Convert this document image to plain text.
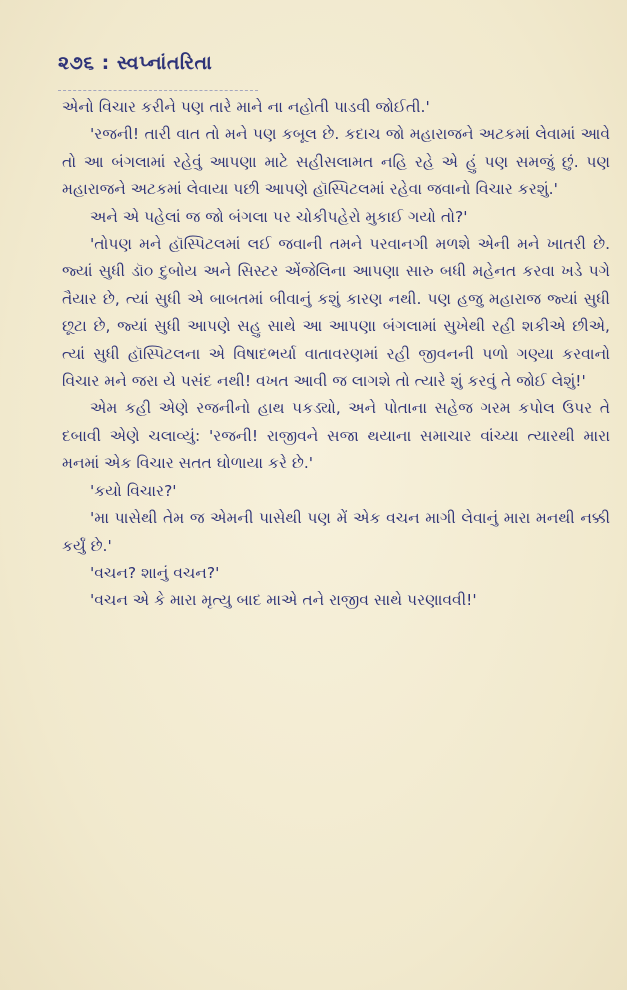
૨૭૬ : સ્વપ્નાંતરિતા

એનો વિચાર કરીને પણ તારે માને ના નહોતી પાડવી જોઈતી.'

'રજની! તારી વાત તો મને પણ કબૂલ છે. કદાચ જો મહારાજને અટકમાં લેવામાં આવે તો આ બંગલામાં રહેવું આપણા માટે સહીસલામત નહિ રહે એ હું પણ સમજું છું. પણ મહારાજને અટકમાં લેવાયા પછી આપણે હૉસ્પિટલમાં રહેવા જવાનો વિચાર કરશું.'

અને એ પહેલાં જ જો બંગલા પર ચોકીપહેરો મુકાઈ ગયો તો?'

'તોપણ મને હૉસ્પિટલમાં લઈ જવાની તમને પરવાનગી મળશે એની મને ખાતરી છે. જ્યાં સુધી ડૉ૦ દુબોય અને સિસ્ટર એંજેલિના આપણા સારુ બધી મહેનત કરવા ખડે પગે તૈયાર છે, ત્યાં સુધી એ બાબતમાં બીવાનું કશું કારણ નથી. પણ હજુ મહારાજ જ્યાં સુધી છૂટા છે, જ્યાં સુધી આપણે સહુ સાથે આ આપણા બંગલામાં સુખેથી રહી શકીએ છીએ, ત્યાં સુધી હૉસ્પિટલના એ વિષાદભર્યા વાતાવરણમાં રહી જીવનની પળો ગણ્યા કરવાનો વિચાર મને જરા યે પસંદ નથી! વખત આવી જ લાગશે તો ત્યારે શું કરવું તે જોઈ લેશું!'

એમ કહી એણે રજનીનો હાથ પકડ્યો, અને પોતાના સહેજ ગરમ કપોલ ઉપર તે દબાવી એણે ચલાવ્યું: 'રજની! રાજીવને સજા થયાના સમાચાર વાંચ્યા ત્યારથી મારા મનમાં એક વિચાર સતત ઘોળાયા કરે છે.'

'કયો વિચાર?'

'મા પાસેથી તેમ જ એમની પાસેથી પણ મેં એક વચન માગી લેવાનું મારા મનથી નક્કી કર્યું છે.'

'વચન? શાનું વચન?'

'વચન એ કે મારા મૃત્યુ બાદ માએ તને રાજીવ સાથે પરણાવવી!'
